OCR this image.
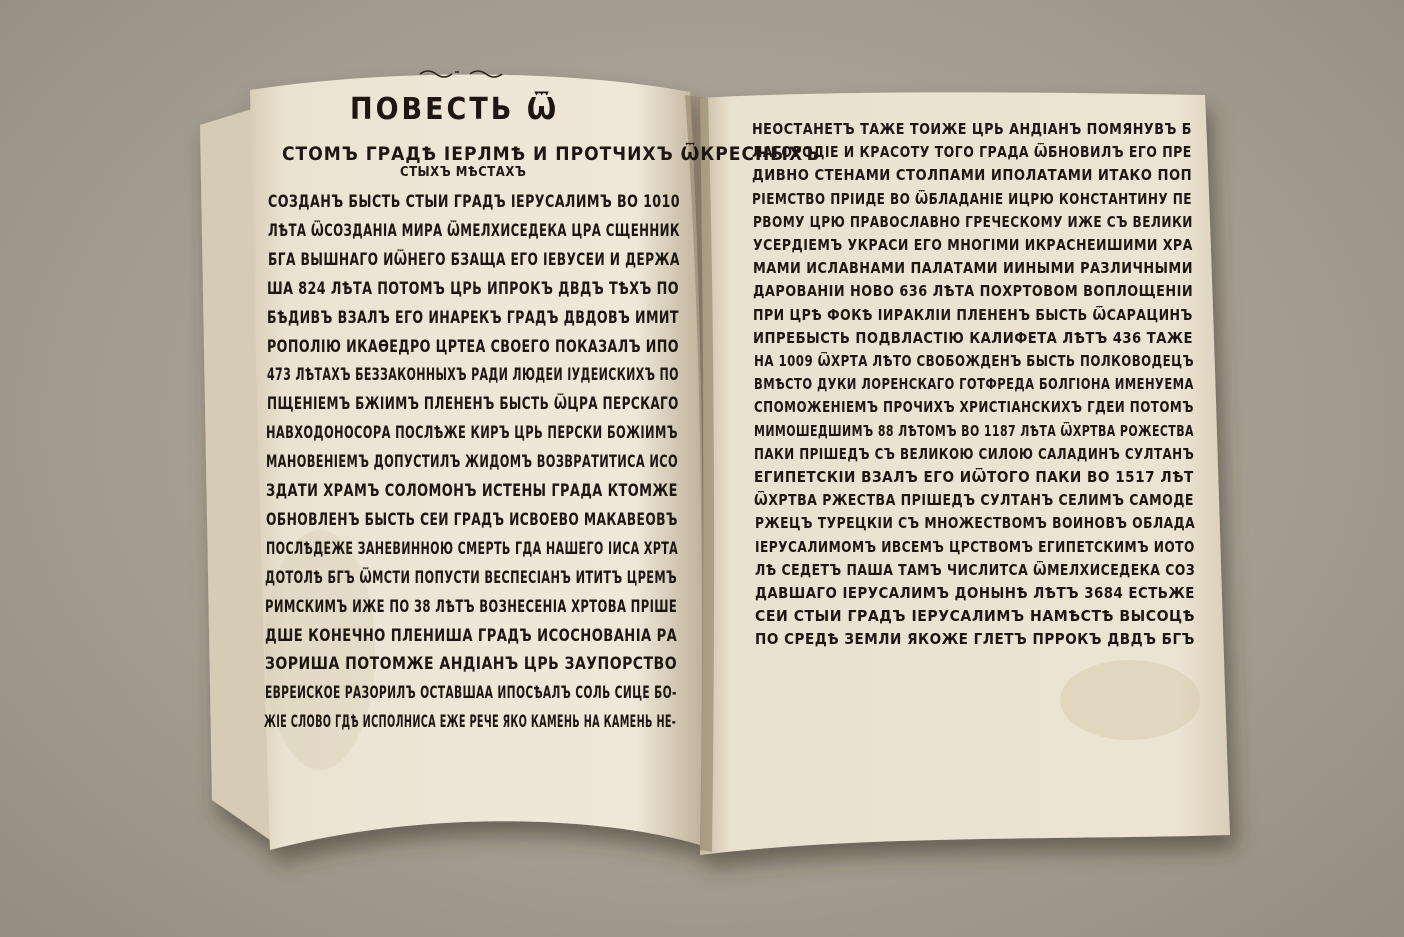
ПОВЕСТЬ Ѿ
СТОМЪ ГРАДѢ ІЕРЛМѢ И ПРОТЧИХЪ ѾКРЕСНЫХЪ
СТЫХЪ МѢСТАХЪ
СОЗДАНЪ БЫСТЬ СТЫИ ГРАДЪ ІЕРУСАЛИМЪ ВО 1010
ЛѢТА ѾСОЗДАНІА МИРА ѾМЕЛХИСЕДЕКА ЦРА СЩЕННИК
БГА ВЫШНАГО ИѾНЕГО БЗАЩА ЕГО ІЕВУСЕИ И ДЕРЖА
ША 824 ЛѢТА ПОТОМЪ ЦРЬ ИПРОКЪ ДВДЪ ТѢХЪ ПО
БѢДИВЪ ВЗАЛЪ ЕГО ИНАРЕКЪ ГРАДЪ ДВДОВЪ ИМИТ
РОПОЛІЮ ИКАѲЕДРО ЦРТЕА СВОЕГО ПОКАЗАЛЪ ИПО
473 ЛѢТАХЪ БЕЗЗАКОННЫХЪ РАДИ ЛЮДЕИ ІУДЕИСКИХЪ ПО
ПЩЕНІЕМЪ БЖІИМЪ ПЛЕНЕНЪ БЫСТЬ ѾЦРА ПЕРСКАГО
НАВХОДОНОСОРА ПОСЛѢЖЕ КИРЪ ЦРЬ ПЕРСКИ БОЖІИМЪ
МАНОВЕНІЕМЪ ДОПУСТИЛЪ ЖИДОМЪ ВОЗВРАТИТИСА ИСО
ЗДАТИ ХРАМЪ СОЛОМОНЪ ИСТЕНЫ ГРАДА КТОМЖЕ
ОБНОВЛЕНЪ БЫСТЬ СЕИ ГРАДЪ ИСВОЕВО МАКАВЕОВЪ
ПОСЛѢДЕЖЕ ЗАНЕВИННОЮ СМЕРТЬ ГДА НАШЕГО ІИСА ХРТА
ДОТОЛѢ БГЪ ѾМСТИ ПОПУСТИ ВЕСПЕСІАНЪ ИТИТЪ ЦРЕМЪ
РИМСКИМЪ ИЖЕ ПО 38 ЛѢТЪ ВОЗНЕСЕНІА ХРТОВА ПРІШЕ
ДШЕ КОНЕЧНО ПЛЕНИША ГРАДЪ ИСОСНОВАНІА РА
ЗОРИША ПОТОМЖЕ АНДІАНЪ ЦРЬ ЗАУПОРСТВО
ЕВРЕИСКОЕ РАЗОРИЛЪ ОСТАВШАА ИПОСѢАЛЪ СОЛЬ СИЦЕ БО-
ЖІЕ СЛОВО ГДѢ ИСПОЛНИСА ЕЖЕ РЕЧЕ ЯКО КАМЕНЬ НА КАМЕНЬ НЕ-
НЕОСТАНЕТЪ ТАЖЕ ТОИЖЕ ЦРЬ АНДІАНЪ ПОМЯНУВЪ Б
ЛАГОРОДІЕ И КРАСОТУ ТОГО ГРАДА ѾБНОВИЛЪ ЕГО ПРЕ
ДИВНО СТЕНАМИ СТОЛПАМИ ИПОЛАТАМИ ИТАКО ПОП
РІЕМСТВО ПРІИДЕ ВО ѾБЛАДАНІЕ ИЦРЮ КОНСТАНТИНУ ПЕ
РВОМУ ЦРЮ ПРАВОСЛАВНО ГРЕЧЕСКОМУ ИЖЕ СЪ ВЕЛИКИ
УСЕРДІЕМЪ УКРАСИ ЕГО МНОГІМИ ИКРАСНЕИШИМИ ХРА
МАМИ ИСЛАВНАМИ ПАЛАТАМИ ИИНЫМИ РАЗЛИЧНЫМИ
ДАРОВАНІИ НОВО 636 ЛѢТА ПОХРТОВОМ ВОПЛОЩЕНІИ
ПРИ ЦРѢ ФОКѢ ІИРАКЛІИ ПЛЕНЕНЪ БЫСТЬ ѾСАРАЦИНЪ
ИПРЕБЫСТЬ ПОДВЛАСТІЮ КАЛИФЕТА ЛѢТЪ 436 ТАЖЕ
НА 1009 ѾХРТА ЛѢТО СВОБОЖДЕНЪ БЫСТЬ ПОЛКОВОДЕЦЪ
ВМѢСТО ДУКИ ЛОРЕНСКАГО ГОТФРЕДА БОЛГІОНА ИМЕНУЕМА
СПОМОЖЕНІЕМЪ ПРОЧИХЪ ХРИСТІАНСКИХЪ ГДЕИ ПОТОМЪ
МИМОШЕДШИМЪ 88 ЛѢТОМЪ ВО 1187 ЛѢТА ѾХРТВА РОЖЕСТВА
ПАКИ ПРІШЕДЪ СЪ ВЕЛИКОЮ СИЛОЮ САЛАДИНЪ СУЛТАНЪ
ЕГИПЕТСКІИ ВЗАЛЪ ЕГО ИѾТОГО ПАКИ ВО 1517 ЛѢТ
ѾХРТВА РЖЕСТВА ПРІШЕДЪ СУЛТАНЪ СЕЛИМЪ САМОДЕ
РЖЕЦЪ ТУРЕЦКІИ СЪ МНОЖЕСТВОМЪ ВОИНОВЪ ОБЛАДА
ІЕРУСАЛИМОМЪ ИВСЕМЪ ЦРСТВОМЪ ЕГИПЕТСКИМЪ ИОТО
ЛѢ СЕДЕТЪ ПАША ТАМЪ ЧИСЛИТСА ѾМЕЛХИСЕДЕКА СОЗ
ДАВШАГО ІЕРУСАЛИМЪ ДОНЫНѢ ЛѢТЪ 3684 ЕСТЬЖЕ
СЕИ СТЫИ ГРАДЪ ІЕРУСАЛИМЪ НАМѢСТѢ ВЫСОЦѢ
ПО СРЕДѢ ЗЕМЛИ ЯКОЖЕ ГЛЕТЪ ПРРОКЪ ДВДЪ БГЪ
